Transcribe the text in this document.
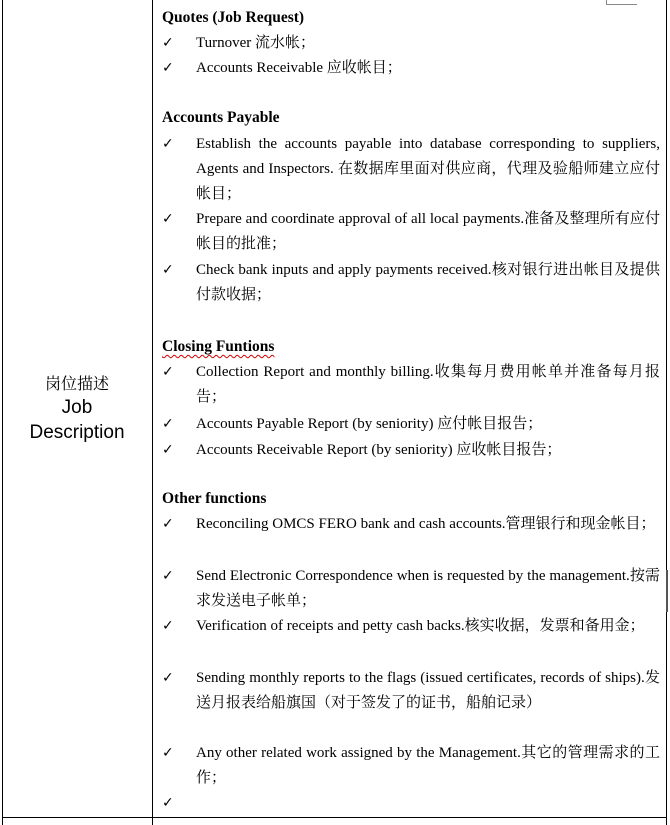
岗位描述
Job
Description
Quotes (Job Request)
✓ Turnover 流水帐；
✓ Accounts Receivable 应收帐目；
Accounts Payable
✓ Establish the accounts payable into database corresponding to suppliers, Agents and Inspectors. 在数据库里面对供应商，代理及验船师建立应付帐目；
✓ Prepare and coordinate approval of all local payments.准备及整理所有应付帐目的批准；
✓ Check bank inputs and apply payments received.核对银行进出帐目及提供付款收据；
Closing Funtions
✓ Collection Report and monthly billing.收集每月费用帐单并准备每月报告；
✓ Accounts Payable Report (by seniority) 应付帐目报告；
✓ Accounts Receivable Report (by seniority) 应收帐目报告；
Other functions
✓ Reconciling OMCS FERO bank and cash accounts.管理银行和现金帐目；
✓ Send Electronic Correspondence when is requested by the management.按需求发送电子帐单；
✓ Verification of receipts and petty cash backs.核实收据，发票和备用金；
✓ Sending monthly reports to the flags (issued certificates, records of ships).发送月报表给船旗国（对于签发了的证书，船舶记录）
✓ Any other related work assigned by the Management.其它的管理需求的工作；
✓
